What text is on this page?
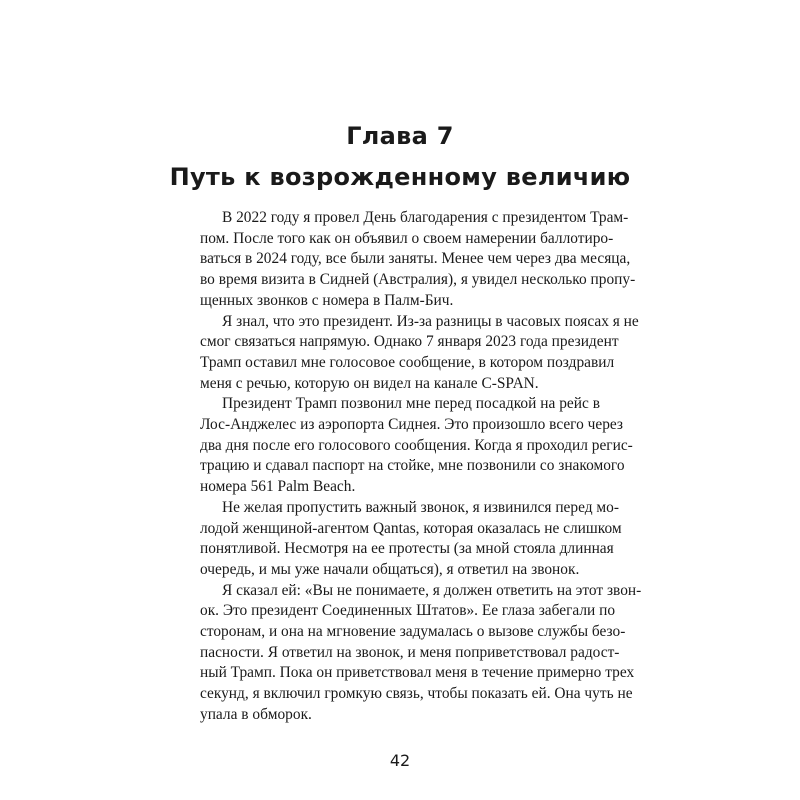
Глава 7
Путь к возрожденному величию
В 2022 году я провел День благодарения с президентом Трам-
пом. После того как он объявил о своем намерении баллотиро-
ваться в 2024 году, все были заняты. Менее чем через два месяца,
во время визита в Сидней (Австралия), я увидел несколько пропу-
щенных звонков с номера в Палм-Бич.
Я знал, что это президент. Из-за разницы в часовых поясах я не
смог связаться напрямую. Однако 7 января 2023 года президент
Трамп оставил мне голосовое сообщение, в котором поздравил
меня с речью, которую он видел на канале C-SPAN.
Президент Трамп позвонил мне перед посадкой на рейс в
Лос-Анджелес из аэропорта Сиднея. Это произошло всего через
два дня после его голосового сообщения. Когда я проходил регис-
трацию и сдавал паспорт на стойке, мне позвонили со знакомого
номера 561 Palm Beach.
Не желая пропустить важный звонок, я извинился перед мо-
лодой женщиной-агентом Qantas, которая оказалась не слишком
понятливой. Несмотря на ее протесты (за мной стояла длинная
очередь, и мы уже начали общаться), я ответил на звонок.
Я сказал ей: «Вы не понимаете, я должен ответить на этот звон-
ок. Это президент Соединенных Штатов». Ее глаза забегали по
сторонам, и она на мгновение задумалась о вызове службы безо-
пасности. Я ответил на звонок, и меня поприветствовал радост-
ный Трамп. Пока он приветствовал меня в течение примерно трех
секунд, я включил громкую связь, чтобы показать ей. Она чуть не
упала в обморок.
42
